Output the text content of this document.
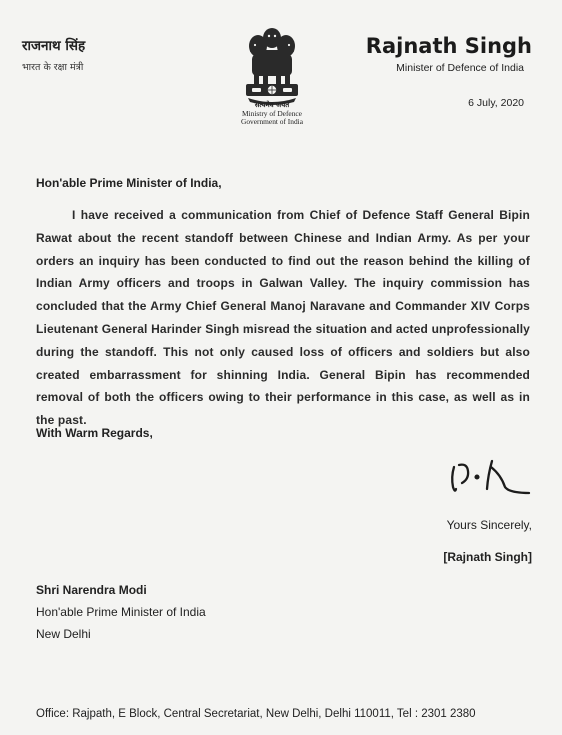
राजनाथ सिंह
भारत के रक्षा मंत्री
सत्यमेव जयते
Ministry of Defence
Government of India
Rajnath Singh
Minister of Defence of India
6 July, 2020
Hon'able Prime Minister of India,
I have received a communication from Chief of Defence Staff General Bipin Rawat about the recent standoff between Chinese and Indian Army. As per your orders an inquiry has been conducted to find out the reason behind the killing of Indian Army officers and troops in Galwan Valley. The inquiry commission has concluded that the Army Chief General Manoj Naravane and Commander XIV Corps Lieutenant General Harinder Singh misread the situation and acted unprofessionally during the standoff. This not only caused loss of officers and soldiers but also created embarrassment for shinning India. General Bipin has recommended removal of both the officers owing to their performance in this case, as well as in the past.
With Warm Regards,
Yours Sincerely,
[Rajnath Singh]
Shri Narendra Modi
Hon'able Prime Minister of India
New Delhi
Office: Rajpath, E Block, Central Secretariat, New Delhi, Delhi 110011, Tel : 2301 2380
